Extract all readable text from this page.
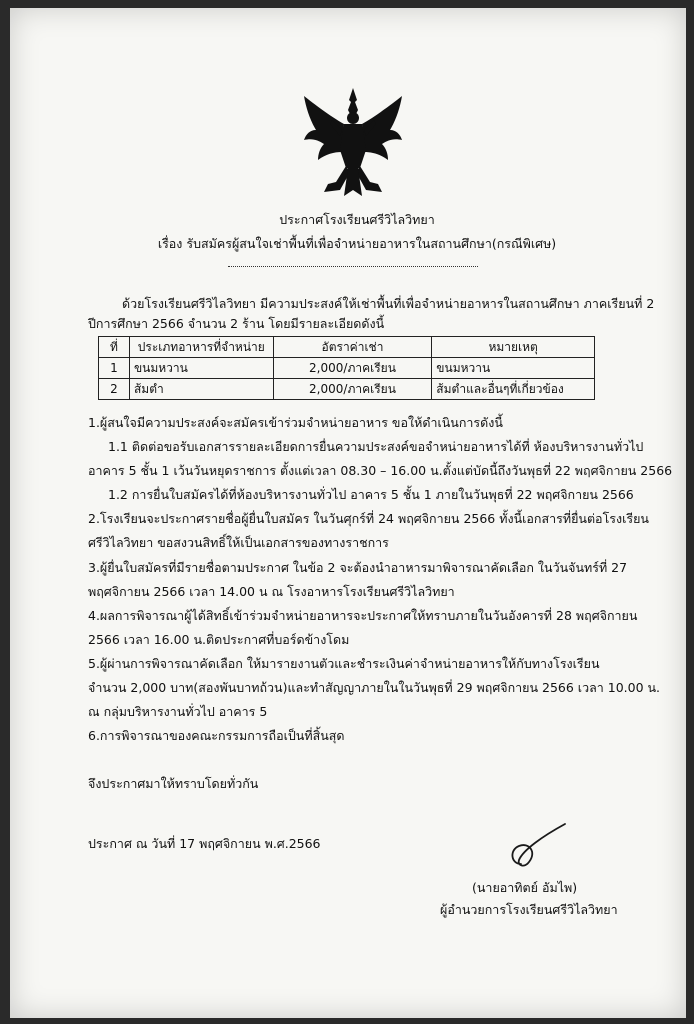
ประกาศโรงเรียนศรีวิไลวิทยา
เรื่อง รับสมัครผู้สนใจเช่าพื้นที่เพื่อจำหน่ายอาหารในสถานศึกษา(กรณีพิเศษ)
ด้วยโรงเรียนศรีวิไลวิทยา มีความประสงค์ให้เช่าพื้นที่เพื่อจำหน่ายอาหารในสถานศึกษา ภาคเรียนที่ 2
ปีการศึกษา 2566 จำนวน 2 ร้าน โดยมีรายละเอียดดังนี้
ที่	ประเภทอาหารที่จำหน่าย	อัตราค่าเช่า	หมายเหตุ
1	ขนมหวาน	2,000/ภาคเรียน	ขนมหวาน
2	ส้มตำ	2,000/ภาคเรียน	ส้มตำและอื่นๆที่เกี่ยวข้อง
1.ผู้สนใจมีความประสงค์จะสมัครเข้าร่วมจำหน่ายอาหาร ขอให้ดำเนินการดังนี้
1.1 ติดต่อขอรับเอกสารรายละเอียดการยื่นความประสงค์ขอจำหน่ายอาหารได้ที่ ห้องบริหารงานทั่วไป
อาคาร 5 ชั้น 1 เว้นวันหยุดราชการ ตั้งแต่เวลา 08.30 – 16.00 น.ตั้งแต่บัดนี้ถึงวันพุธที่ 22 พฤศจิกายน 2566
1.2 การยื่นใบสมัครได้ที่ห้องบริหารงานทั่วไป อาคาร 5 ชั้น 1 ภายในวันพุธที่ 22 พฤศจิกายน 2566
2.โรงเรียนจะประกาศรายชื่อผู้ยื่นใบสมัคร ในวันศุกร์ที่ 24 พฤศจิกายน 2566 ทั้งนี้เอกสารที่ยื่นต่อโรงเรียน
ศรีวิไลวิทยา ขอสงวนสิทธิ์ให้เป็นเอกสารของทางราชการ
3.ผู้ยื่นใบสมัครที่มีรายชื่อตามประกาศ ในข้อ 2 จะต้องนำอาหารมาพิจารณาคัดเลือก ในวันจันทร์ที่ 27
พฤศจิกายน 2566 เวลา 14.00 น ณ โรงอาหารโรงเรียนศรีวิไลวิทยา
4.ผลการพิจารณาผู้ได้สิทธิ์เข้าร่วมจำหน่ายอาหารจะประกาศให้ทราบภายในวันอังคารที่ 28 พฤศจิกายน
2566 เวลา 16.00 น.ติดประกาศที่บอร์ดข้างโดม
5.ผู้ผ่านการพิจารณาคัดเลือก ให้มารายงานตัวและชำระเงินค่าจำหน่ายอาหารให้กับทางโรงเรียน
จำนวน 2,000 บาท(สองพันบาทถ้วน)และทำสัญญาภายในในวันพุธที่ 29 พฤศจิกายน 2566 เวลา 10.00 น.
ณ กลุ่มบริหารงานทั่วไป อาคาร 5
6.การพิจารณาของคณะกรรมการถือเป็นที่สิ้นสุด
จึงประกาศมาให้ทราบโดยทั่วกัน
ประกาศ ณ วันที่ 17 พฤศจิกายน พ.ศ.2566
(นายอาทิตย์ อัมไพ)
ผู้อำนวยการโรงเรียนศรีวิไลวิทยา
